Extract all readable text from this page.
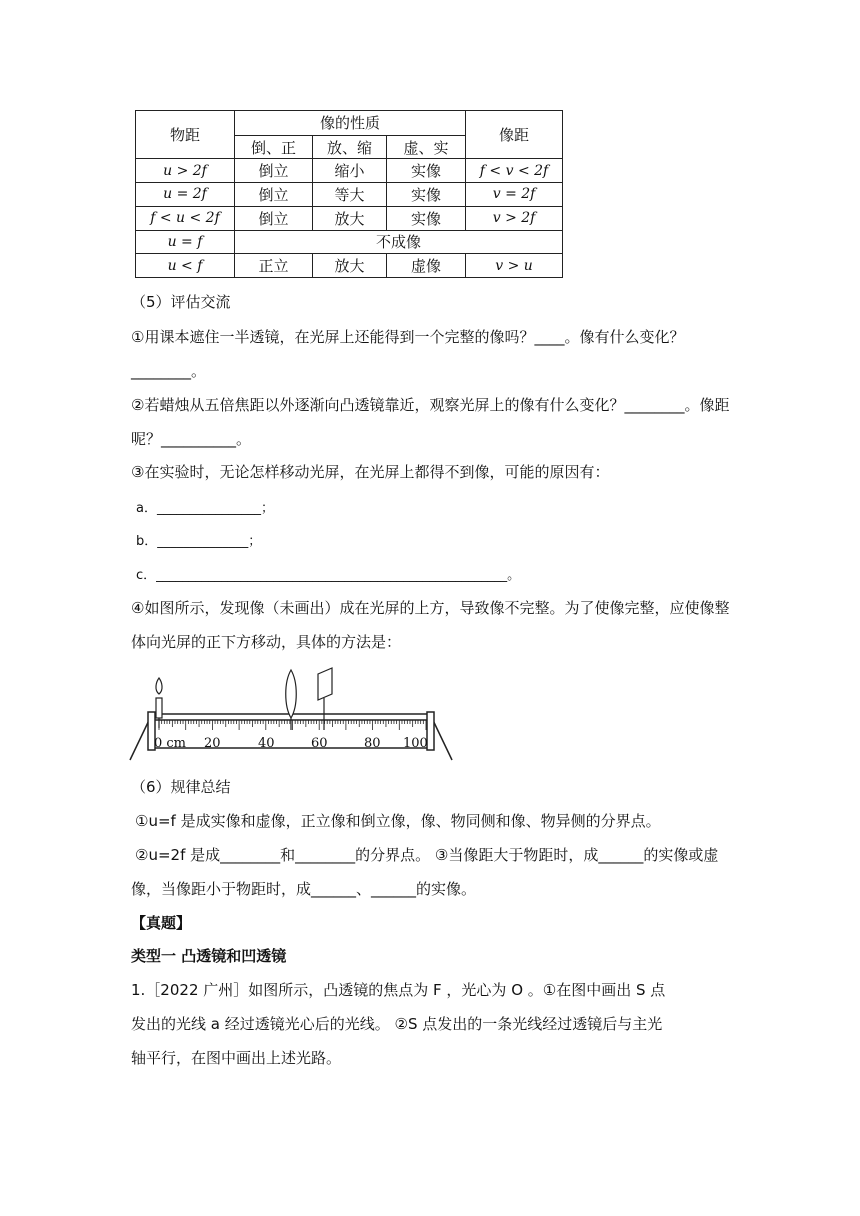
物距	像的性质			像距
	倒、正	放、缩	虚、实	
u > 2f	倒立	缩小	实像	f < v < 2f
u = 2f	倒立	等大	实像	v = 2f
f < u < 2f	倒立	放大	实像	v > 2f
u = f	不成像			
u < f	正立	放大	虚像	v > u
（5）评估交流
①用课本遮住一半透镜，在光屏上还能得到一个完整的像吗？____。像有什么变化？
________。
②若蜡烛从五倍焦距以外逐渐向凸透镜靠近，观察光屏上的像有什么变化？________。像距
呢？__________。
③在实验时，无论怎样移动光屏，在光屏上都得不到像，可能的原因有：
a．________________；
b．______________；
c．______________________________________________________。
④如图所示，发现像（未画出）成在光屏的上方，导致像不完整。为了使像完整，应使像整
体向光屏的正下方移动，具体的方法是：
0 cm 20	40	60	80 100
（6）规律总结
①u=f 是成实像和虚像，正立像和倒立像，像、物同侧和像、物异侧的分界点。
②u=2f 是成________和________的分界点。 ③当像距大于物距时，成______的实像或虚
像，当像距小于物距时，成______、______的实像。
【真题】
类型一 凸透镜和凹透镜
1.［2022 广州］如图所示，凸透镜的焦点为 F ，光心为 O 。①在图中画出 S 点
发出的光线 a 经过透镜光心后的光线。 ②S 点发出的一条光线经过透镜后与主光
轴平行，在图中画出上述光路。
